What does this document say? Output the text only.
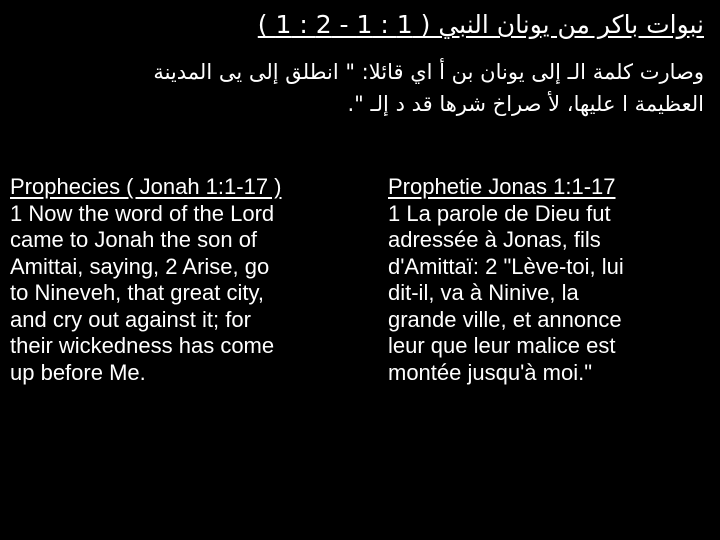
نبوات باكر من يونان النبي ( 1 : 1 - 2 : 1 )
وصارت كلمة الـ إلى يونان بن أ اي قائلا: " انطلق إلى يى المدينة
العظيمة ا عليها، لأ صراخ شرها قد د إلـ ".
Prophecies ( Jonah 1:1-17 )
1 Now the word of the Lord
came to Jonah the son of
Amittai, saying, 2 Arise, go
to Nineveh, that great city,
and cry out against it; for
their wickedness has come
up before Me.
Prophetie Jonas 1:1-17
1 La parole de Dieu fut
adressée à Jonas, fils
d'Amittaï: 2 "Lève-toi, lui
dit-il, va à Ninive, la
grande ville, et annonce
leur que leur malice est
montée jusqu'à moi."
